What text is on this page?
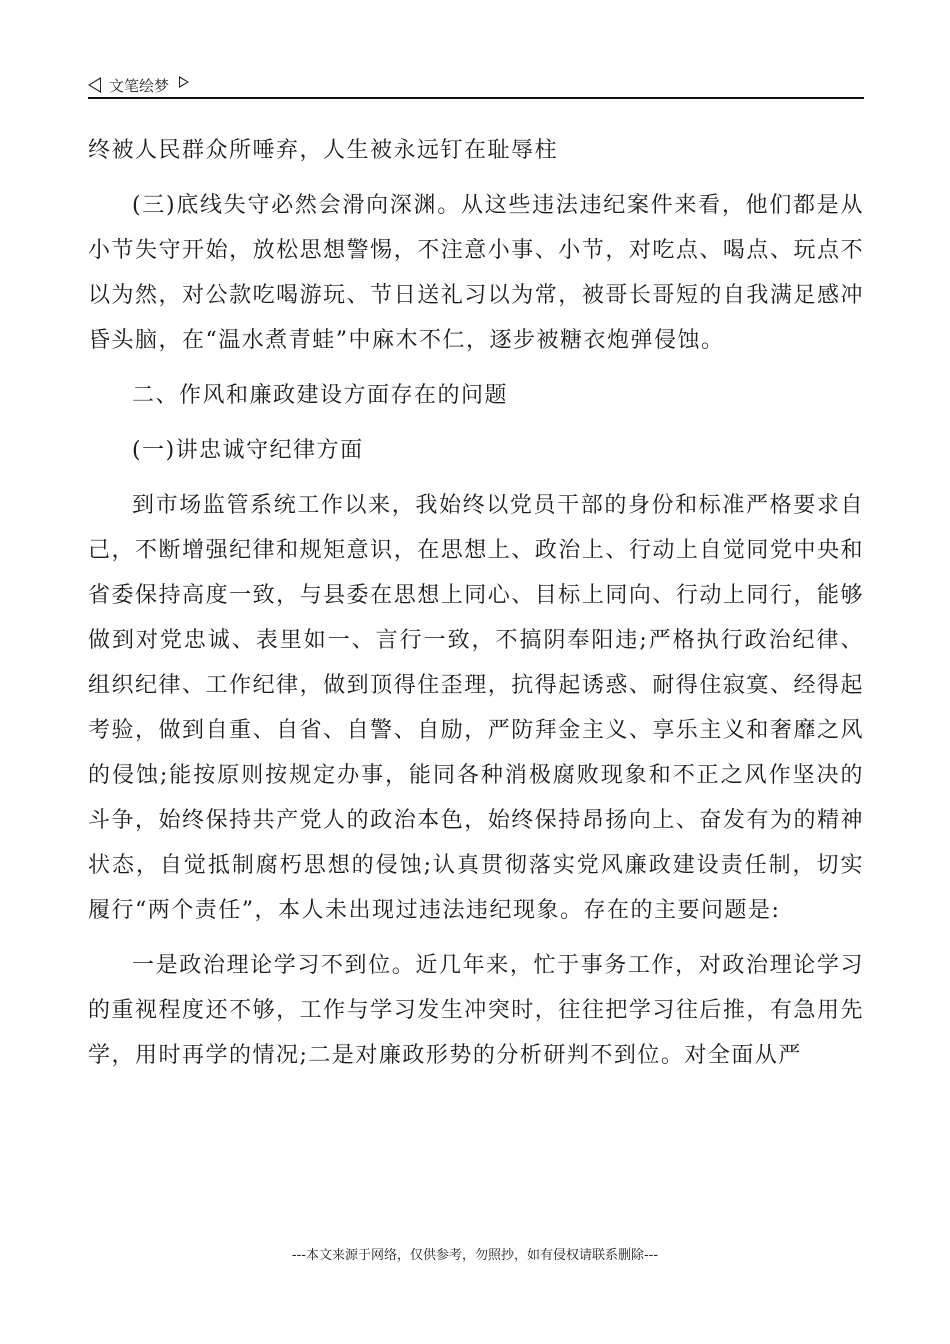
文笔绘梦

终被人民群众所唾弃，人生被永远钉在耻辱柱

(三)底线失守必然会滑向深渊。从这些违法违纪案件来看，他们都是从小节失守开始，放松思想警惕，不注意小事、小节，对吃点、喝点、玩点不以为然，对公款吃喝游玩、节日送礼习以为常，被哥长哥短的自我满足感冲昏头脑，在“温水煮青蛙”中麻木不仁，逐步被糖衣炮弹侵蚀。

二、作风和廉政建设方面存在的问题

(一)讲忠诚守纪律方面

到市场监管系统工作以来，我始终以党员干部的身份和标准严格要求自己，不断增强纪律和规矩意识，在思想上、政治上、行动上自觉同党中央和省委保持高度一致，与县委在思想上同心、目标上同向、行动上同行，能够做到对党忠诚、表里如一、言行一致，不搞阴奉阳违;严格执行政治纪律、组织纪律、工作纪律，做到顶得住歪理，抗得起诱惑、耐得住寂寞、经得起考验，做到自重、自省、自警、自励，严防拜金主义、享乐主义和奢靡之风的侵蚀;能按原则按规定办事，能同各种消极腐败现象和不正之风作坚决的斗争，始终保持共产党人的政治本色，始终保持昂扬向上、奋发有为的精神状态，自觉抵制腐朽思想的侵蚀;认真贯彻落实党风廉政建设责任制，切实履行“两个责任”，本人未出现过违法违纪现象。存在的主要问题是:

一是政治理论学习不到位。近几年来，忙于事务工作，对政治理论学习的重视程度还不够，工作与学习发生冲突时，往往把学习往后推，有急用先学，用时再学的情况;二是对廉政形势的分析研判不到位。对全面从严

---本文来源于网络，仅供参考，勿照抄，如有侵权请联系删除---
